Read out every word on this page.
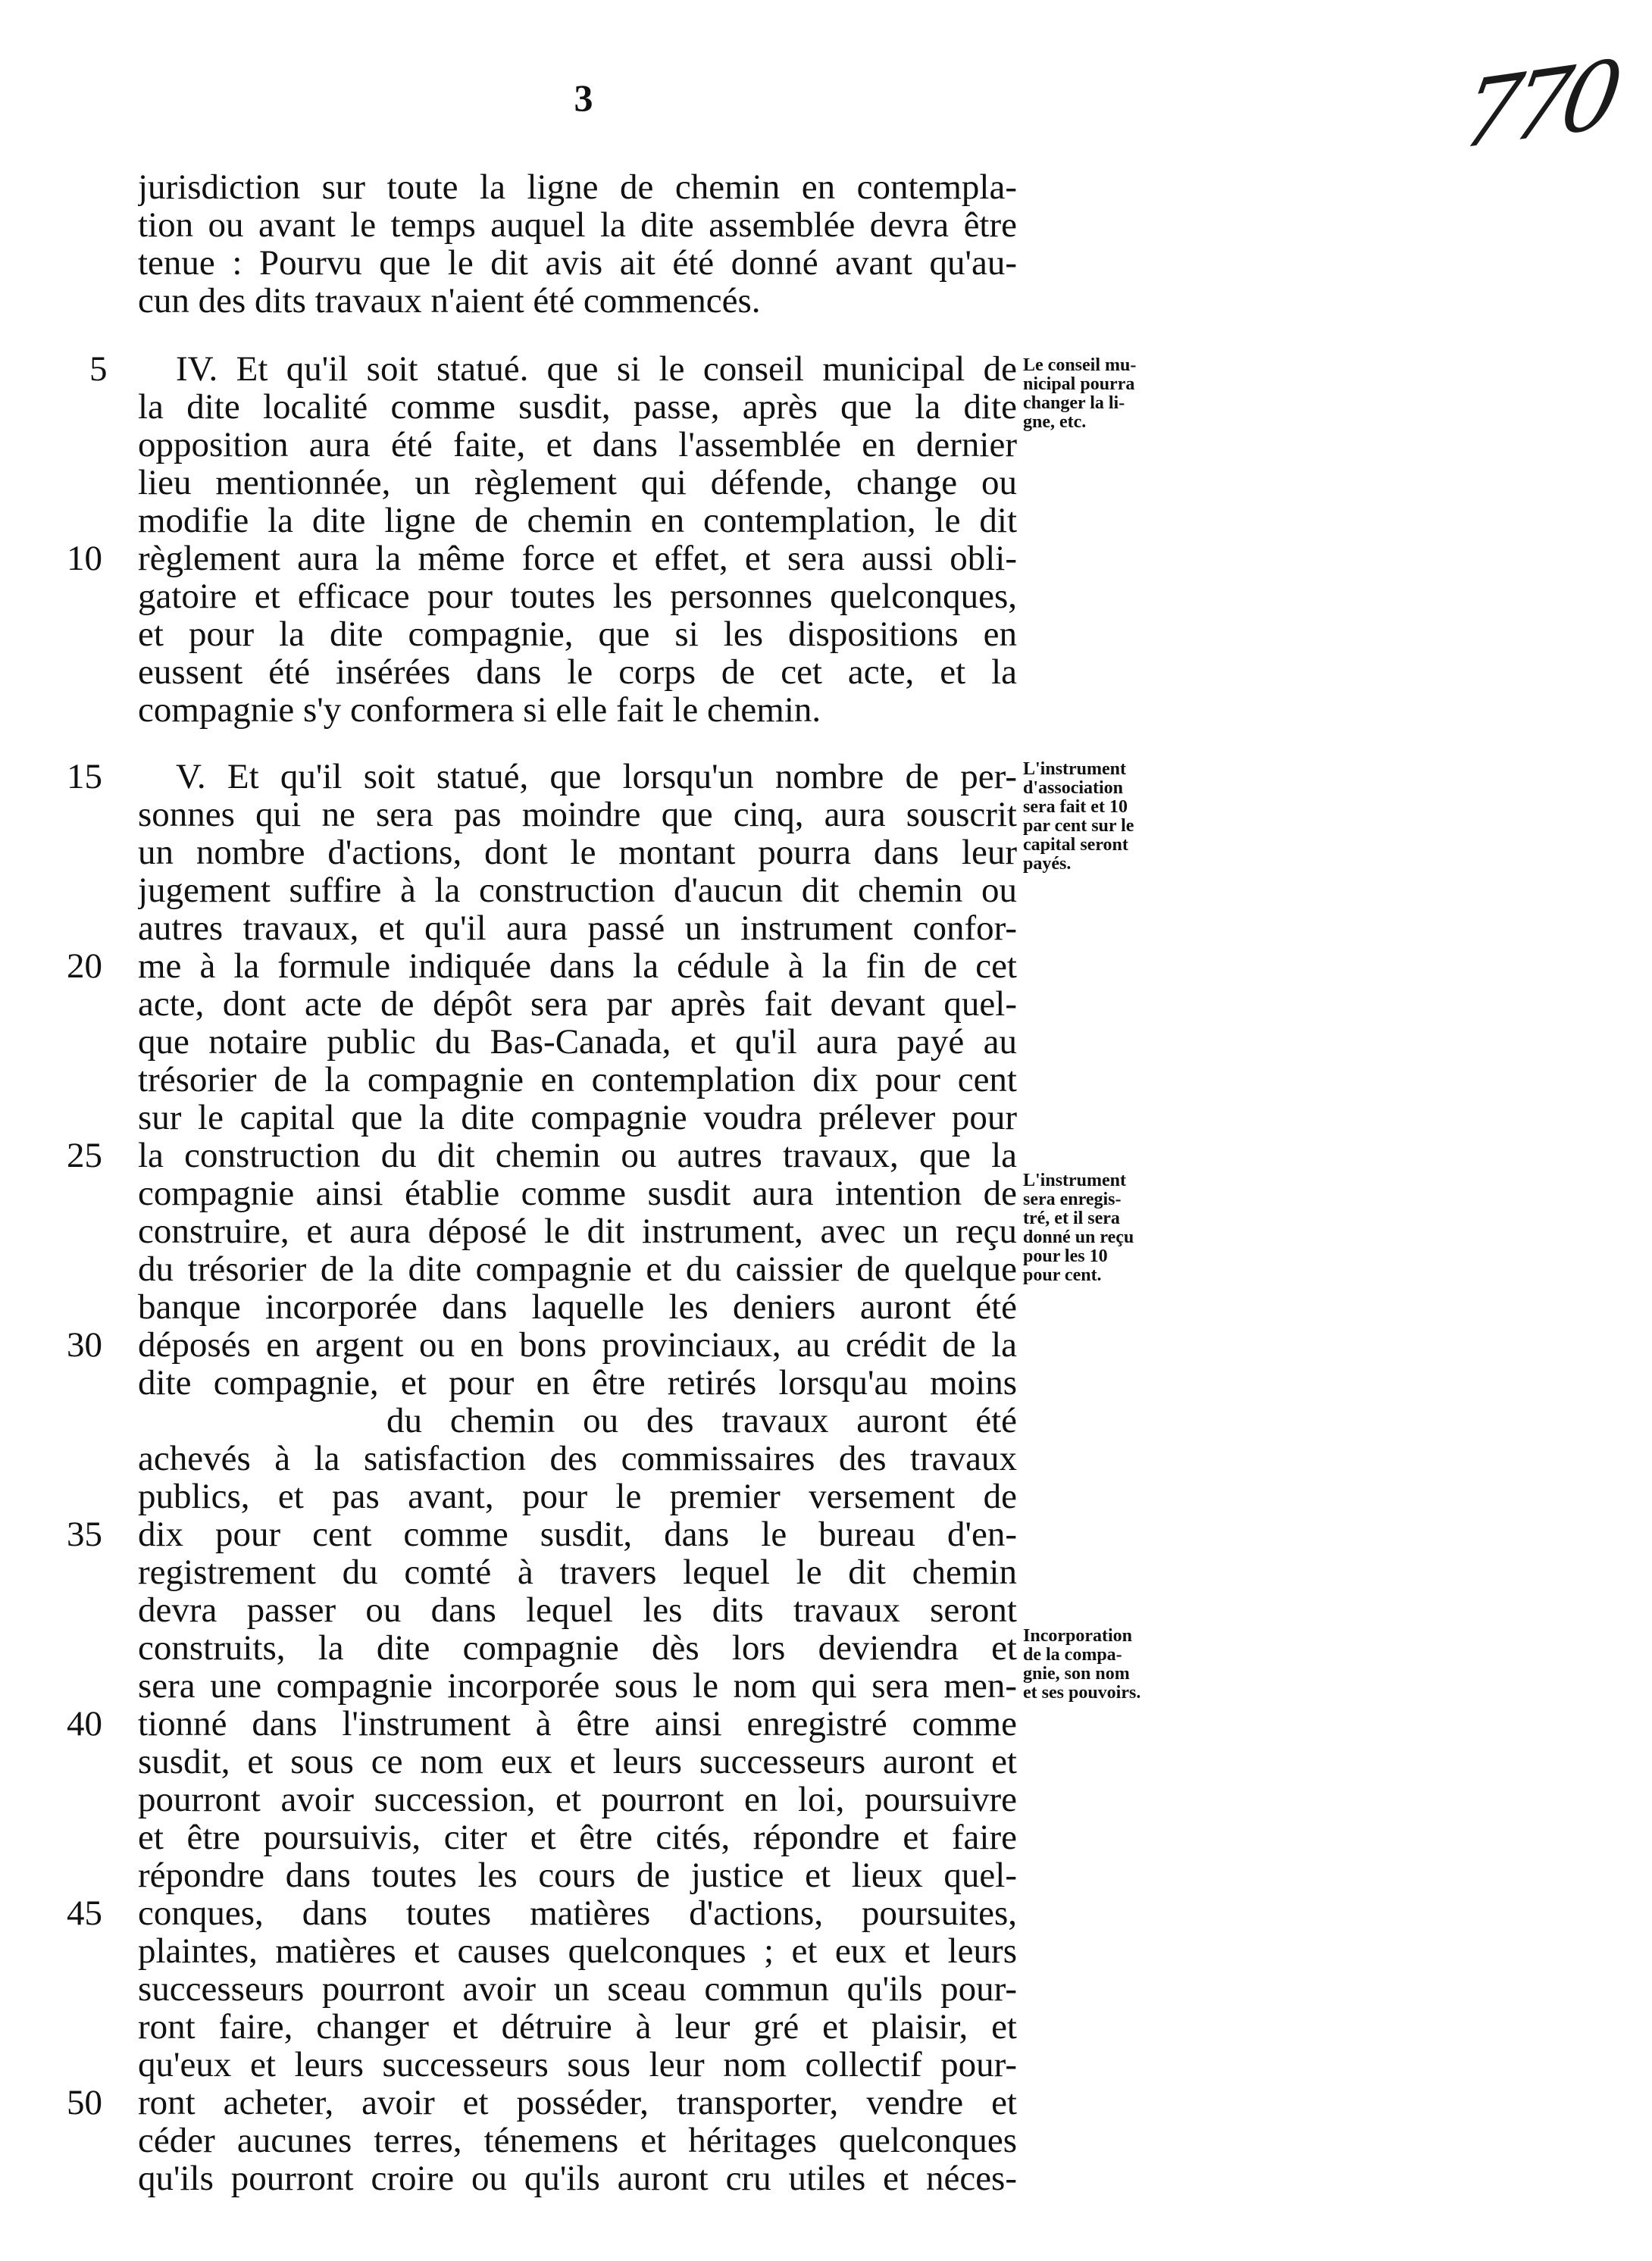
3	770
jurisdiction sur toute la ligne de chemin en contempla-
tion ou avant le temps auquel la dite assemblée devra être
tenue : Pourvu que le dit avis ait été donné avant qu'au-
cun des dits travaux n'aient été commencés.
IV. Et qu'il soit statué. que si le conseil municipal de
la dite localité comme susdit, passe, après que la dite
opposition aura été faite, et dans l'assemblée en dernier
lieu mentionnée, un règlement qui défende, change ou
modifie la dite ligne de chemin en contemplation, le dit
règlement aura la même force et effet, et sera aussi obli-
gatoire et efficace pour toutes les personnes quelconques,
et pour la dite compagnie, que si les dispositions en
eussent été insérées dans le corps de cet acte, et la
compagnie s'y conformera si elle fait le chemin.
V. Et qu'il soit statué, que lorsqu'un nombre de per-
sonnes qui ne sera pas moindre que cinq, aura souscrit
un nombre d'actions, dont le montant pourra dans leur
jugement suffire à la construction d'aucun dit chemin ou
autres travaux, et qu'il aura passé un instrument confor-
me à la formule indiquée dans la cédule à la fin de cet
acte, dont acte de dépôt sera par après fait devant quel-
que notaire public du Bas-Canada, et qu'il aura payé au
trésorier de la compagnie en contemplation dix pour cent
sur le capital que la dite compagnie voudra prélever pour
la construction du dit chemin ou autres travaux, que la
compagnie ainsi établie comme susdit aura intention de
construire, et aura déposé le dit instrument, avec un reçu
du trésorier de la dite compagnie et du caissier de quelque
banque incorporée dans laquelle les deniers auront été
déposés en argent ou en bons provinciaux, au crédit de la
dite compagnie, et pour en être retirés lorsqu'au moins
du chemin ou des travaux auront été
achevés à la satisfaction des commissaires des travaux
publics, et pas avant, pour le premier versement de
dix pour cent comme susdit, dans le bureau d'en-
registrement du comté à travers lequel le dit chemin
devra passer ou dans lequel les dits travaux seront
construits, la dite compagnie dès lors deviendra et
sera une compagnie incorporée sous le nom qui sera men-
tionné dans l'instrument à être ainsi enregistré comme
susdit, et sous ce nom eux et leurs successeurs auront et
pourront avoir succession, et pourront en loi, poursuivre
et être poursuivis, citer et être cités, répondre et faire
répondre dans toutes les cours de justice et lieux quel-
conques, dans toutes matières d'actions, poursuites,
plaintes, matières et causes quelconques ; et eux et leurs
successeurs pourront avoir un sceau commun qu'ils pour-
ront faire, changer et détruire à leur gré et plaisir, et
qu'eux et leurs successeurs sous leur nom collectif pour-
ront acheter, avoir et posséder, transporter, vendre et
céder aucunes terres, ténemens et héritages quelconques
qu'ils pourront croire ou qu'ils auront cru utiles et néces-
5
10
15
20
25
30
35
40
45
50
Le conseil mu-
nicipal pourra
changer la li-
gne, etc.
L'instrument
d'association
sera fait et 10
par cent sur le
capital seront
payés.
L'instrument
sera enregis-
tré, et il sera
donné un reçu
pour les 10
pour cent.
Incorporation
de la compa-
gnie, son nom
et ses pouvoirs.
